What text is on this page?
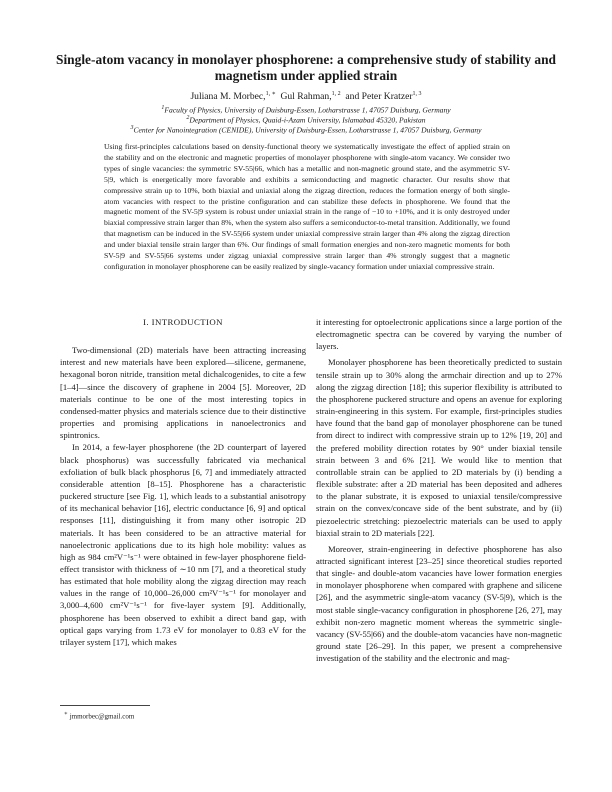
Single-atom vacancy in monolayer phosphorene: a comprehensive study of stability and magnetism under applied strain
Juliana M. Morbec,$^{1, ∗}$ Gul Rahman,$^{1, 2}$ and Peter Kratzer$^{1, 3}$
$^1$Faculty of Physics, University of Duisburg-Essen, Lotharstrasse 1, 47057 Duisburg, Germany
$^2$Department of Physics, Quaid-i-Azam University, Islamabad 45320, Pakistan
$^3$Center for Nanointegration (CENIDE), University of Duisburg-Essen, Lotharstrasse 1, 47057 Duisburg, Germany

Using first-principles calculations based on density-functional theory we systematically investigate the effect of applied strain on the stability and on the electronic and magnetic properties of monolayer phosphorene with single-atom vacancy. We consider two types of single vacancies: the symmetric SV-55|66, which has a metallic and non-magnetic ground state, and the asymmetric SV-5|9, which is energetically more favorable and exhibits a semiconducting and magnetic character. Our results show that compressive strain up to 10%, both biaxial and uniaxial along the zigzag direction, reduces the formation energy of both single-atom vacancies with respect to the pristine configuration and can stabilize these defects in phosphorene. We found that the magnetic moment of the SV-5|9 system is robust under uniaxial strain in the range of −10 to +10%, and it is only destroyed under biaxial compressive strain larger than 8%, when the system also suffers a semiconductor-to-metal transition. Additionally, we found that magnetism can be induced in the SV-55|66 system under uniaxial compressive strain larger than 4% along the zigzag direction and under biaxial tensile strain larger than 6%. Our findings of small formation energies and non-zero magnetic moments for both SV-5|9 and SV-55|66 systems under zigzag uniaxial compressive strain larger than 4% strongly suggest that a magnetic configuration in monolayer phosphorene can be easily realized by single-vacancy formation under uniaxial compressive strain.

I. INTRODUCTION

Two-dimensional (2D) materials have been attracting increasing interest and new materials have been explored—silicene, germanene, hexagonal boron nitride, transition metal dichalcogenides, to cite a few [1–4]—since the discovery of graphene in 2004 [5]. Moreover, 2D materials continue to be one of the most interesting topics in condensed-matter physics and materials science due to their distinctive properties and promising applications in nanoelectronics and spintronics.

In 2014, a few-layer phosphorene (the 2D counterpart of layered black phosphorus) was successfully fabricated via mechanical exfoliation of bulk black phosphorus [6, 7] and immediately attracted considerable attention [8–15]. Phosphorene has a characteristic puckered structure [see Fig. 1], which leads to a substantial anisotropy of its mechanical behavior [16], electric conductance [6, 9] and optical responses [11], distinguishing it from many other isotropic 2D materials. It has been considered to be an attractive material for nanoelectronic applications due to its high hole mobility: values as high as 984 cm²V⁻¹s⁻¹ were obtained in few-layer phosphorene field-effect transistor with thickness of ∼10 nm [7], and a theoretical study has estimated that hole mobility along the zigzag direction may reach values in the range of 10,000–26,000 cm²V⁻¹s⁻¹ for monolayer and 3,000–4,600 cm²V⁻¹s⁻¹ for five-layer system [9]. Additionally, phosphorene has been observed to exhibit a direct band gap, with optical gaps varying from 1.73 eV for monolayer to 0.83 eV for the trilayer system [17], which makes

it interesting for optoelectronic applications since a large portion of the electromagnetic spectra can be covered by varying the number of layers.

Monolayer phosphorene has been theoretically predicted to sustain tensile strain up to 30% along the armchair direction and up to 27% along the zigzag direction [18]; this superior flexibility is attributed to the phosphorene puckered structure and opens an avenue for exploring strain-engineering in this system. For example, first-principles studies have found that the band gap of monolayer phosphorene can be tuned from direct to indirect with compressive strain up to 12% [19, 20] and the prefered mobility direction rotates by 90° under biaxial tensile strain between 3 and 6% [21]. We would like to mention that controllable strain can be applied to 2D materials by (i) bending a flexible substrate: after a 2D material has been deposited and adheres to the planar substrate, it is exposed to uniaxial tensile/compressive strain on the convex/concave side of the bent substrate, and by (ii) piezoelectric stretching: piezoelectric materials can be used to apply biaxial strain to 2D materials [22].

Moreover, strain-engineering in defective phosphorene has also attracted significant interest [23–25] since theoretical studies reported that single- and double-atom vacancies have lower formation energies in monolayer phosphorene when compared with graphene and silicene [26], and the asymmetric single-atom vacancy (SV-5|9), which is the most stable single-vacancy configuration in phosphorene [26, 27], may exhibit non-zero magnetic moment whereas the symmetric single-vacancy (SV-55|66) and the double-atom vacancies have non-magnetic ground state [26–29]. In this paper, we present a comprehensive investigation of the stability and the electronic and mag-

∗ jmmorbec@gmail.com
